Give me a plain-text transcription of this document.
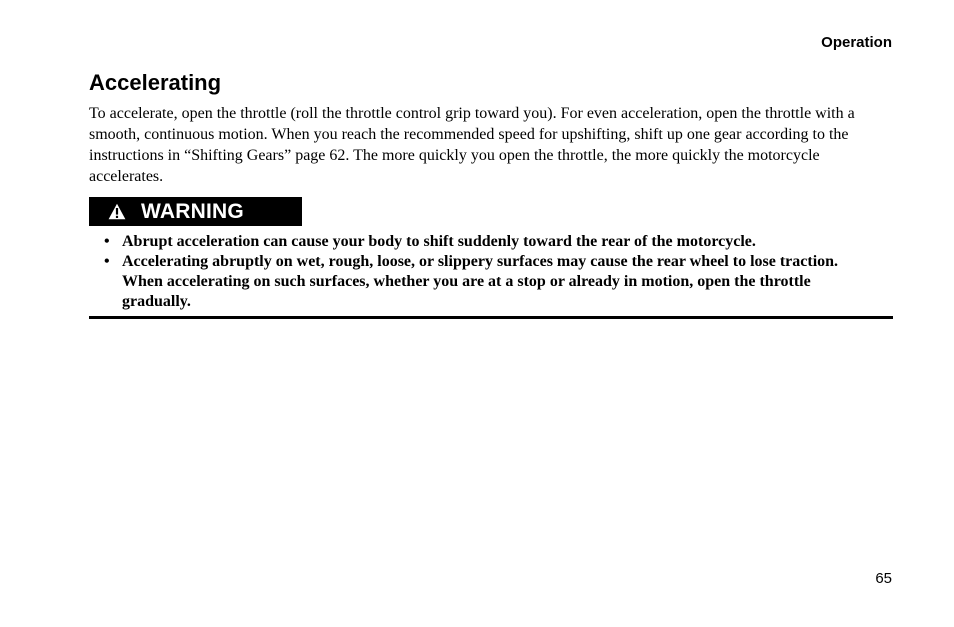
Operation
Accelerating

To accelerate, open the throttle (roll the throttle control grip toward you). For even acceleration, open the throttle with a smooth, continuous motion. When you reach the recommended speed for upshifting, shift up one gear according to the instructions in “Shifting Gears” page 62. The more quickly you open the throttle, the more quickly the motorcycle accelerates.

WARNING
• Abrupt acceleration can cause your body to shift suddenly toward the rear of the motorcycle.
• Accelerating abruptly on wet, rough, loose, or slippery surfaces may cause the rear wheel to lose traction. When accelerating on such surfaces, whether you are at a stop or already in motion, open the throttle gradually.
65
